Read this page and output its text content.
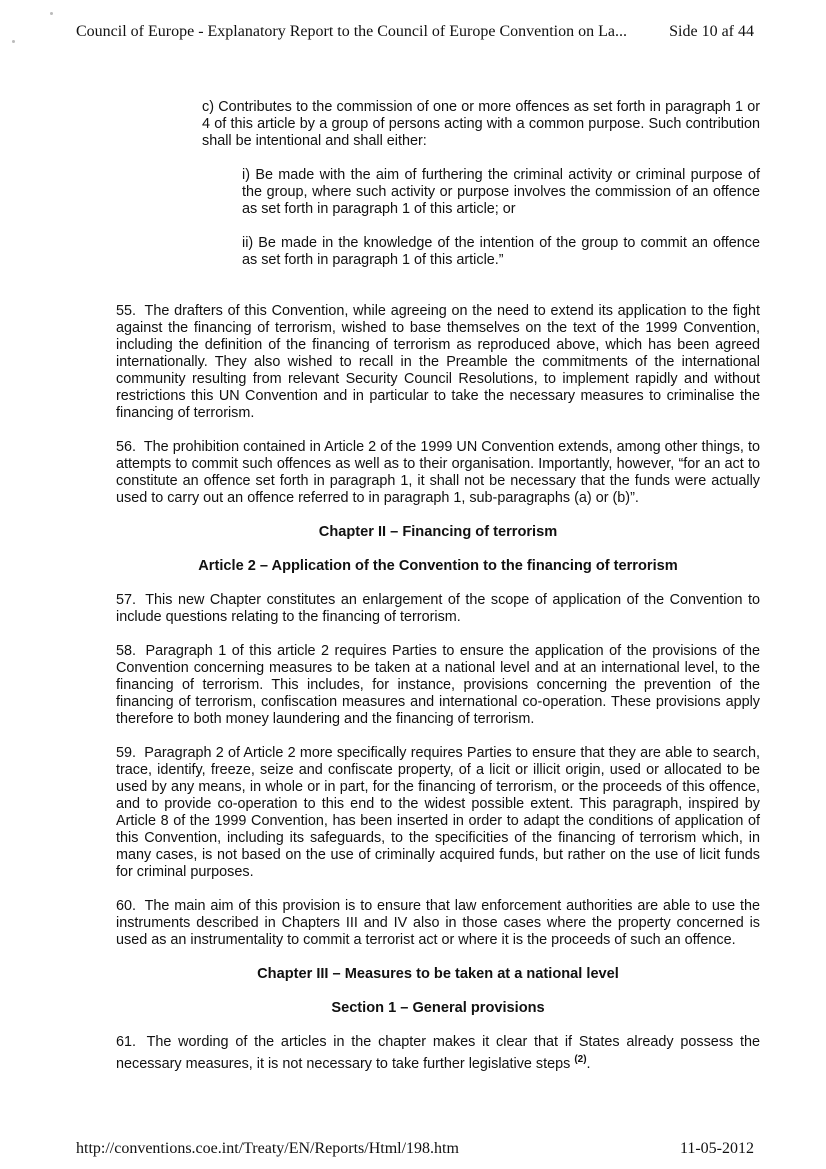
Council of Europe - Explanatory Report to the Council of Europe Convention on La...	Side 10 af 44

c) Contributes to the commission of one or more offences as set forth in paragraph 1 or 4 of this article by a group of persons acting with a common purpose. Such contribution shall be intentional and shall either:

i) Be made with the aim of furthering the criminal activity or criminal purpose of the group, where such activity or purpose involves the commission of an offence as set forth in paragraph 1 of this article; or

ii) Be made in the knowledge of the intention of the group to commit an offence as set forth in paragraph 1 of this article.”

55. The drafters of this Convention, while agreeing on the need to extend its application to the fight against the financing of terrorism, wished to base themselves on the text of the 1999 Convention, including the definition of the financing of terrorism as reproduced above, which has been agreed internationally. They also wished to recall in the Preamble the commitments of the international community resulting from relevant Security Council Resolutions, to implement rapidly and without restrictions this UN Convention and in particular to take the necessary measures to criminalise the financing of terrorism.

56. The prohibition contained in Article 2 of the 1999 UN Convention extends, among other things, to attempts to commit such offences as well as to their organisation. Importantly, however, “for an act to constitute an offence set forth in paragraph 1, it shall not be necessary that the funds were actually used to carry out an offence referred to in paragraph 1, sub-paragraphs (a) or (b)”.

Chapter II – Financing of terrorism

Article 2 – Application of the Convention to the financing of terrorism

57. This new Chapter constitutes an enlargement of the scope of application of the Convention to include questions relating to the financing of terrorism.

58. Paragraph 1 of this article 2 requires Parties to ensure the application of the provisions of the Convention concerning measures to be taken at a national level and at an international level, to the financing of terrorism. This includes, for instance, provisions concerning the prevention of the financing of terrorism, confiscation measures and international co-operation. These provisions apply therefore to both money laundering and the financing of terrorism.

59. Paragraph 2 of Article 2 more specifically requires Parties to ensure that they are able to search, trace, identify, freeze, seize and confiscate property, of a licit or illicit origin, used or allocated to be used by any means, in whole or in part, for the financing of terrorism, or the proceeds of this offence, and to provide co-operation to this end to the widest possible extent. This paragraph, inspired by Article 8 of the 1999 Convention, has been inserted in order to adapt the conditions of application of this Convention, including its safeguards, to the specificities of the financing of terrorism which, in many cases, is not based on the use of criminally acquired funds, but rather on the use of licit funds for criminal purposes.

60. The main aim of this provision is to ensure that law enforcement authorities are able to use the instruments described in Chapters III and IV also in those cases where the property concerned is used as an instrumentality to commit a terrorist act or where it is the proceeds of such an offence.

Chapter III – Measures to be taken at a national level

Section 1 – General provisions

61. The wording of the articles in the chapter makes it clear that if States already possess the necessary measures, it is not necessary to take further legislative steps $^{(2)}$.

http://conventions.coe.int/Treaty/EN/Reports/Html/198.htm	11-05-2012
